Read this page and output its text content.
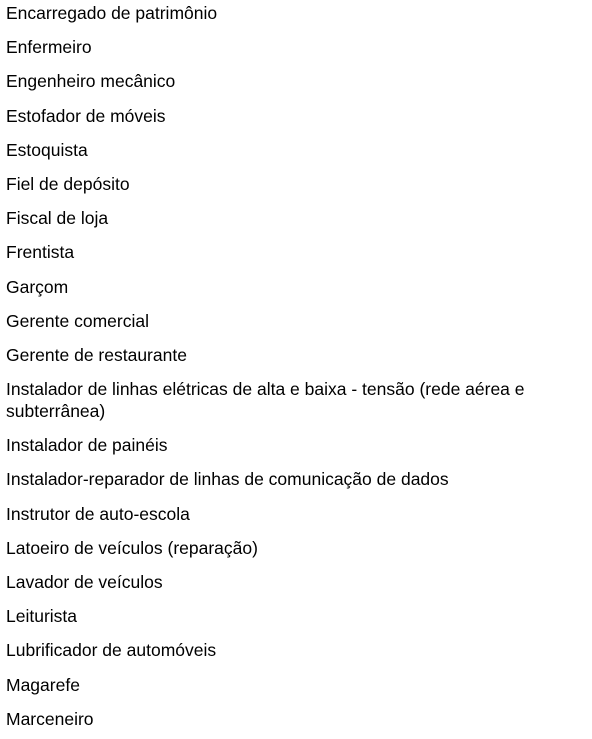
Encarregado de patrimônio
Enfermeiro
Engenheiro mecânico
Estofador de móveis
Estoquista
Fiel de depósito
Fiscal de loja
Frentista
Garçom
Gerente comercial
Gerente de restaurante
Instalador de linhas elétricas de alta e baixa - tensão (rede aérea e subterrânea)
Instalador de painéis
Instalador-reparador de linhas de comunicação de dados
Instrutor de auto-escola
Latoeiro de veículos (reparação)
Lavador de veículos
Leiturista
Lubrificador de automóveis
Magarefe
Marceneiro
